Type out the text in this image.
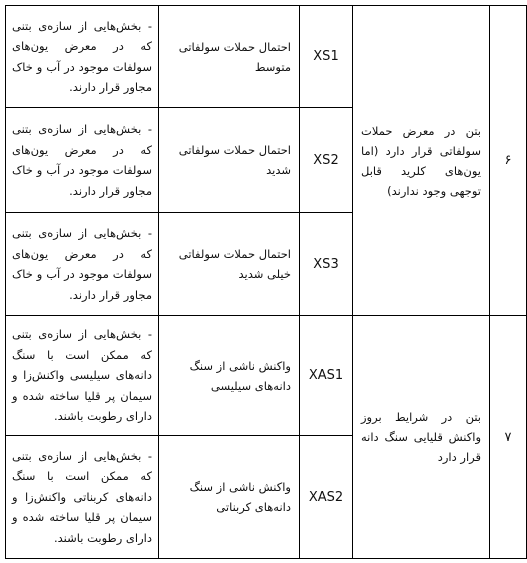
۶	بتن در معرض حملات سولفاتی قرار دارد (اما یون‌های کلرید قابل توجهی وجود ندارند)	XS1	احتمال حملات سولفاتی متوسط	- بخش‌هایی از سازه‌ی بتنی که در معرض یون‌های سولفات موجود در آب و خاک مجاور قرار دارند.

		XS2	احتمال حملات سولفاتی شدید	- بخش‌هایی از سازه‌ی بتنی که در معرض یون‌های سولفات موجود در آب و خاک مجاور قرار دارند.

		XS3	احتمال حملات سولفاتی خیلی شدید	- بخش‌هایی از سازه‌ی بتنی که در معرض یون‌های سولفات موجود در آب و خاک مجاور قرار دارند.

۷	بتن در شرایط بروز واکنش قلیایی سنگ دانه قرار دارد	XAS1	واکنش ناشی از سنگ دانه‌های سیلیسی	- بخش‌هایی از سازه‌ی بتنی که ممکن است با سنگ دانه‌های سیلیسی واکنش‌زا و سیمان پر قلیا ساخته شده و دارای رطوبت باشند.

		XAS2	واکنش ناشی از سنگ دانه‌های کربناتی	- بخش‌هایی از سازه‌ی بتنی که ممکن است با سنگ دانه‌های کربناتی واکنش‌زا و سیمان پر قلیا ساخته شده و دارای رطوبت باشند.
